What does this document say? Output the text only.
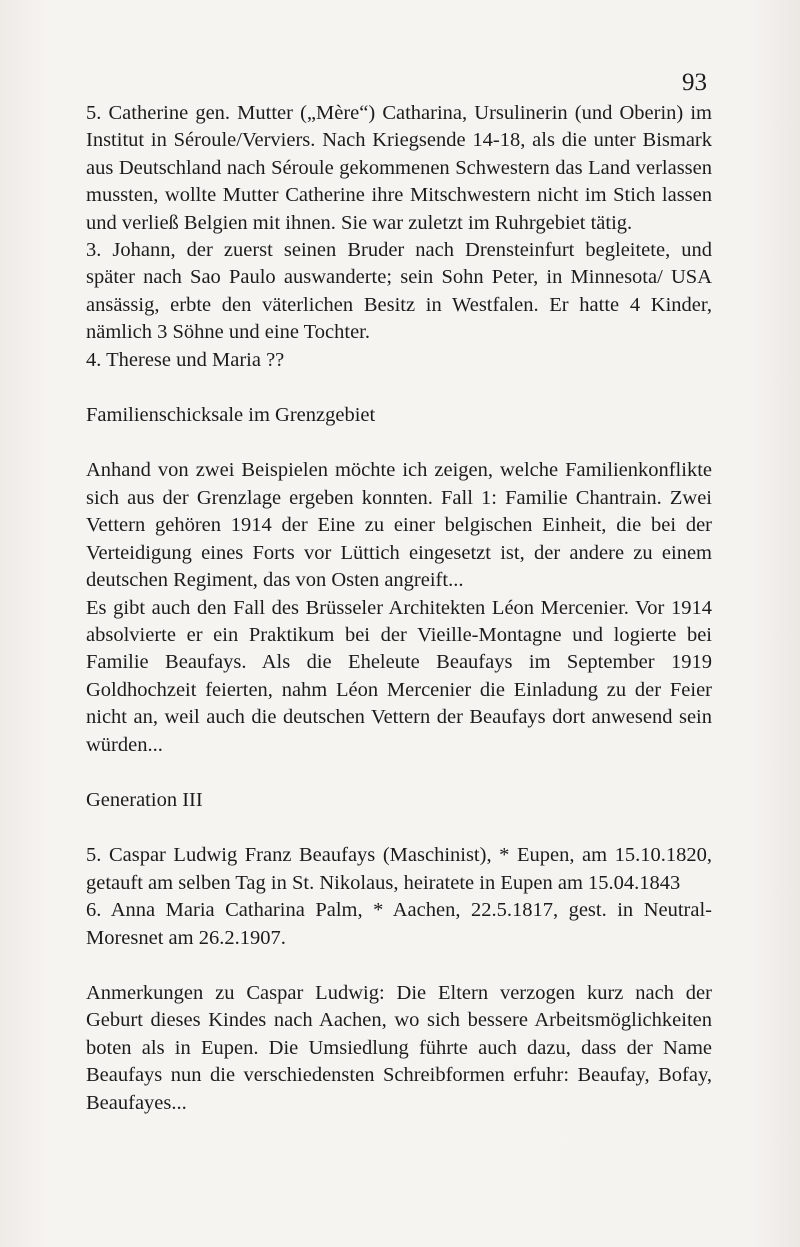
93

5. Catherine gen. Mutter („Mère“) Catharina, Ursulinerin (und Oberin) im Institut in Séroule/Verviers. Nach Kriegsende 14-18, als die unter Bismark aus Deutschland nach Séroule gekommenen Schwestern das Land verlassen mussten, wollte Mutter Catherine ihre Mitschwestern nicht im Stich lassen und verließ Belgien mit ihnen. Sie war zuletzt im Ruhrgebiet tätig.

3. Johann, der zuerst seinen Bruder nach Drensteinfurt begleitete, und später nach Sao Paulo auswanderte; sein Sohn Peter, in Minnesota/ USA ansässig, erbte den väterlichen Besitz in Westfalen. Er hatte 4 Kinder, nämlich 3 Söhne und eine Tochter.

4. Therese und Maria ??

Familienschicksale im Grenzgebiet

Anhand von zwei Beispielen möchte ich zeigen, welche Familienkonflikte sich aus der Grenzlage ergeben konnten. Fall 1: Familie Chantrain. Zwei Vettern gehören 1914 der Eine zu einer belgischen Einheit, die bei der Verteidigung eines Forts vor Lüttich eingesetzt ist, der andere zu einem deutschen Regiment, das von Osten angreift...

Es gibt auch den Fall des Brüsseler Architekten Léon Mercenier. Vor 1914 absolvierte er ein Praktikum bei der Vieille-Montagne und logierte bei Familie Beaufays. Als die Eheleute Beaufays im September 1919 Goldhochzeit feierten, nahm Léon Mercenier die Einladung zu der Feier nicht an, weil auch die deutschen Vettern der Beaufays dort anwesend sein würden...

Generation III

5. Caspar Ludwig Franz Beaufays (Maschinist), * Eupen, am 15.10.1820, getauft am selben Tag in St. Nikolaus, heiratete in Eupen am 15.04.1843

6. Anna Maria Catharina Palm, * Aachen, 22.5.1817, gest. in Neutral-Moresnet am 26.2.1907.

Anmerkungen zu Caspar Ludwig: Die Eltern verzogen kurz nach der Geburt dieses Kindes nach Aachen, wo sich bessere Arbeitsmöglichkeiten boten als in Eupen. Die Umsiedlung führte auch dazu, dass der Name Beaufays nun die verschiedensten Schreibformen erfuhr: Beaufay, Bofay, Beaufayes...
